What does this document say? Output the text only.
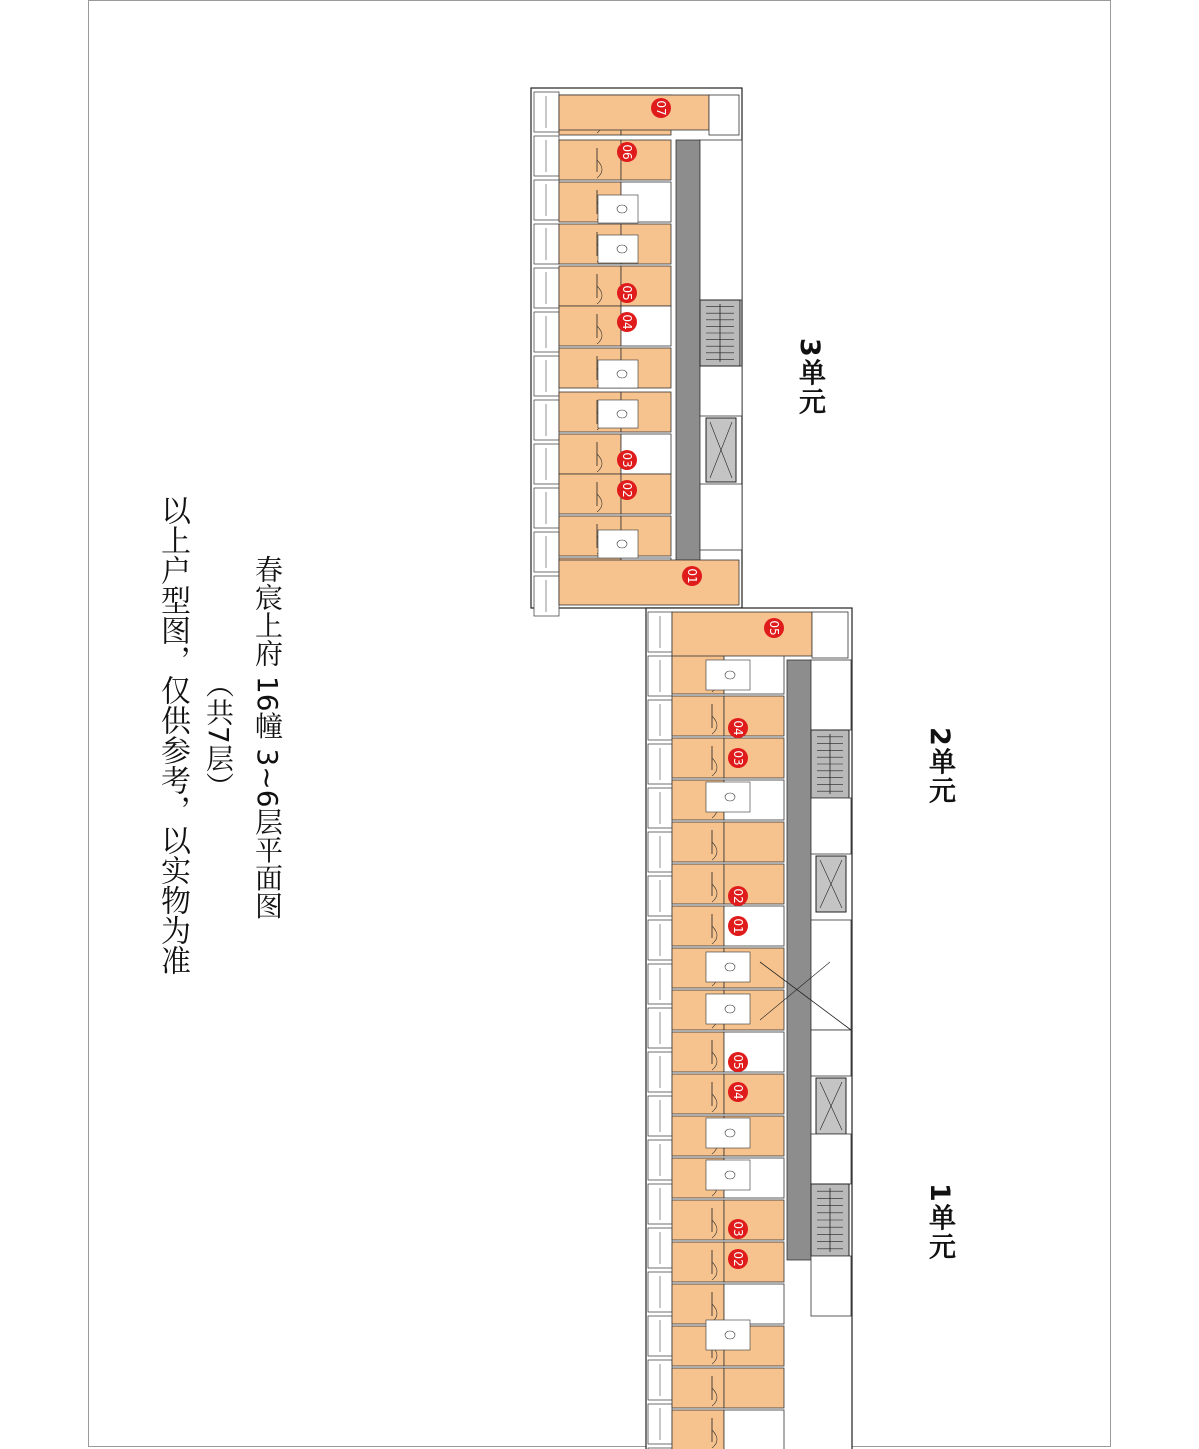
07
06
05
04
03
02
01
05
04
03
02
01
05
04
03
02
春宸上府 16幢 3~6层平面图
（共7层）
以上户型图，仅供参考，以实物为准
3单元
2单元
1单元
